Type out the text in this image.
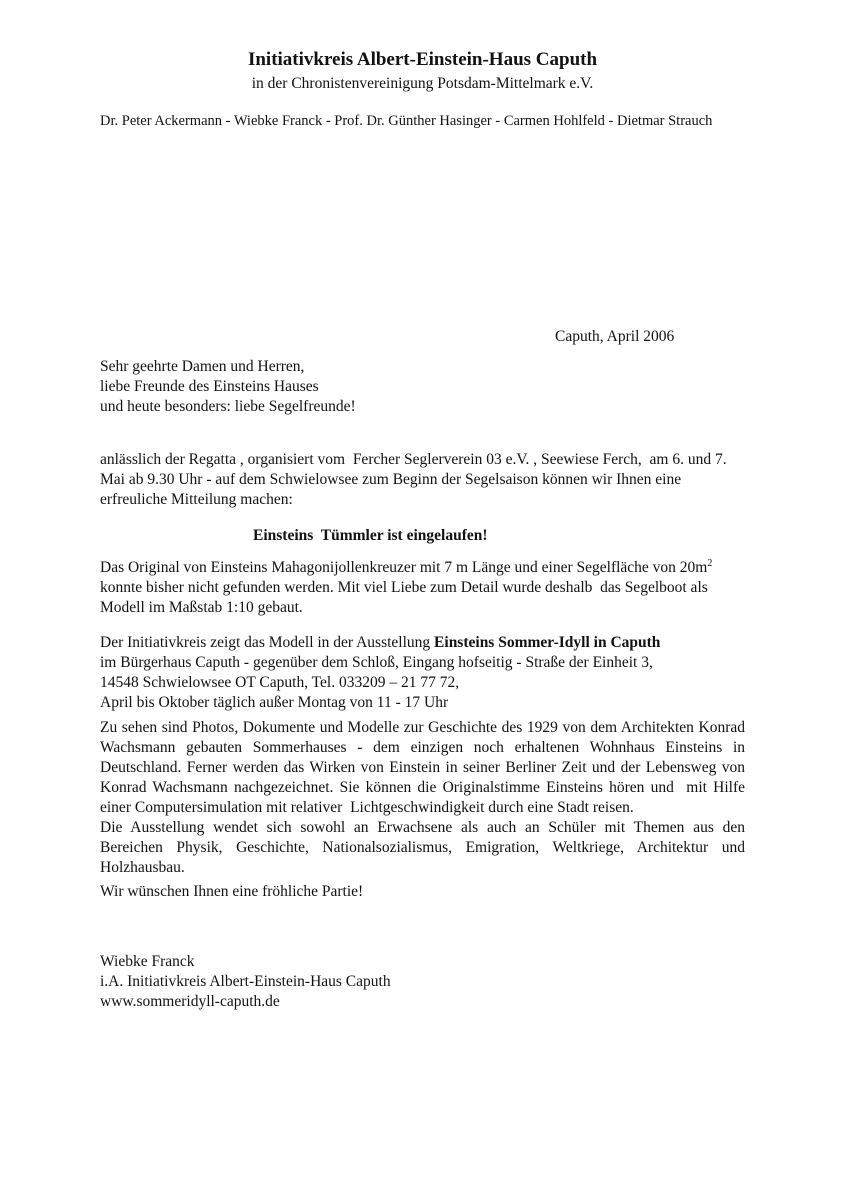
Initiativkreis Albert-Einstein-Haus Caputh
in der Chronistenvereinigung Potsdam-Mittelmark e.V.
Dr. Peter Ackermann - Wiebke Franck - Prof. Dr. Günther Hasinger - Carmen Hohlfeld - Dietmar Strauch
Caputh, April 2006
Sehr geehrte Damen und Herren,
liebe Freunde des Einsteins Hauses
und heute besonders: liebe Segelfreunde!
anlässlich der Regatta , organisiert vom  Fercher Seglerverein 03 e.V. , Seewiese Ferch,  am 6. und 7.
Mai ab 9.30 Uhr - auf dem Schwielowsee zum Beginn der Segelsaison können wir Ihnen eine
erfreuliche Mitteilung machen:
Einsteins  Tümmler ist eingelaufen!
Das Original von Einsteins Mahagonijollenkreuzer mit 7 m Länge und einer Segelfläche von $20m^2$
konnte bisher nicht gefunden werden. Mit viel Liebe zum Detail wurde deshalb  das Segelboot als
Modell im Maßstab 1:10 gebaut.
Der Initiativkreis zeigt das Modell in der Ausstellung Einsteins Sommer-Idyll in Caputh
im Bürgerhaus Caputh - gegenüber dem Schloß, Eingang hofseitig - Straße der Einheit 3,
14548 Schwielowsee OT Caputh, Tel. 033209 – 21 77 72,
April bis Oktober täglich außer Montag von 11 - 17 Uhr
Zu sehen sind Photos, Dokumente und Modelle zur Geschichte des 1929 von dem Architekten Konrad
Wachsmann gebauten Sommerhauses - dem einzigen noch erhaltenen Wohnhaus Einsteins in
Deutschland. Ferner werden das Wirken von Einstein in seiner Berliner Zeit und der Lebensweg von
Konrad Wachsmann nachgezeichnet. Sie können die Originalstimme Einsteins hören und  mit Hilfe
einer Computersimulation mit relativer  Lichtgeschwindigkeit durch eine Stadt reisen.
Die Ausstellung wendet sich sowohl an Erwachsene als auch an Schüler mit Themen aus den
Bereichen Physik, Geschichte, Nationalsozialismus, Emigration, Weltkriege, Architektur und
Holzhausbau.
Wir wünschen Ihnen eine fröhliche Partie!
Wiebke Franck
i.A. Initiativkreis Albert-Einstein-Haus Caputh
www.sommeridyll-caputh.de
